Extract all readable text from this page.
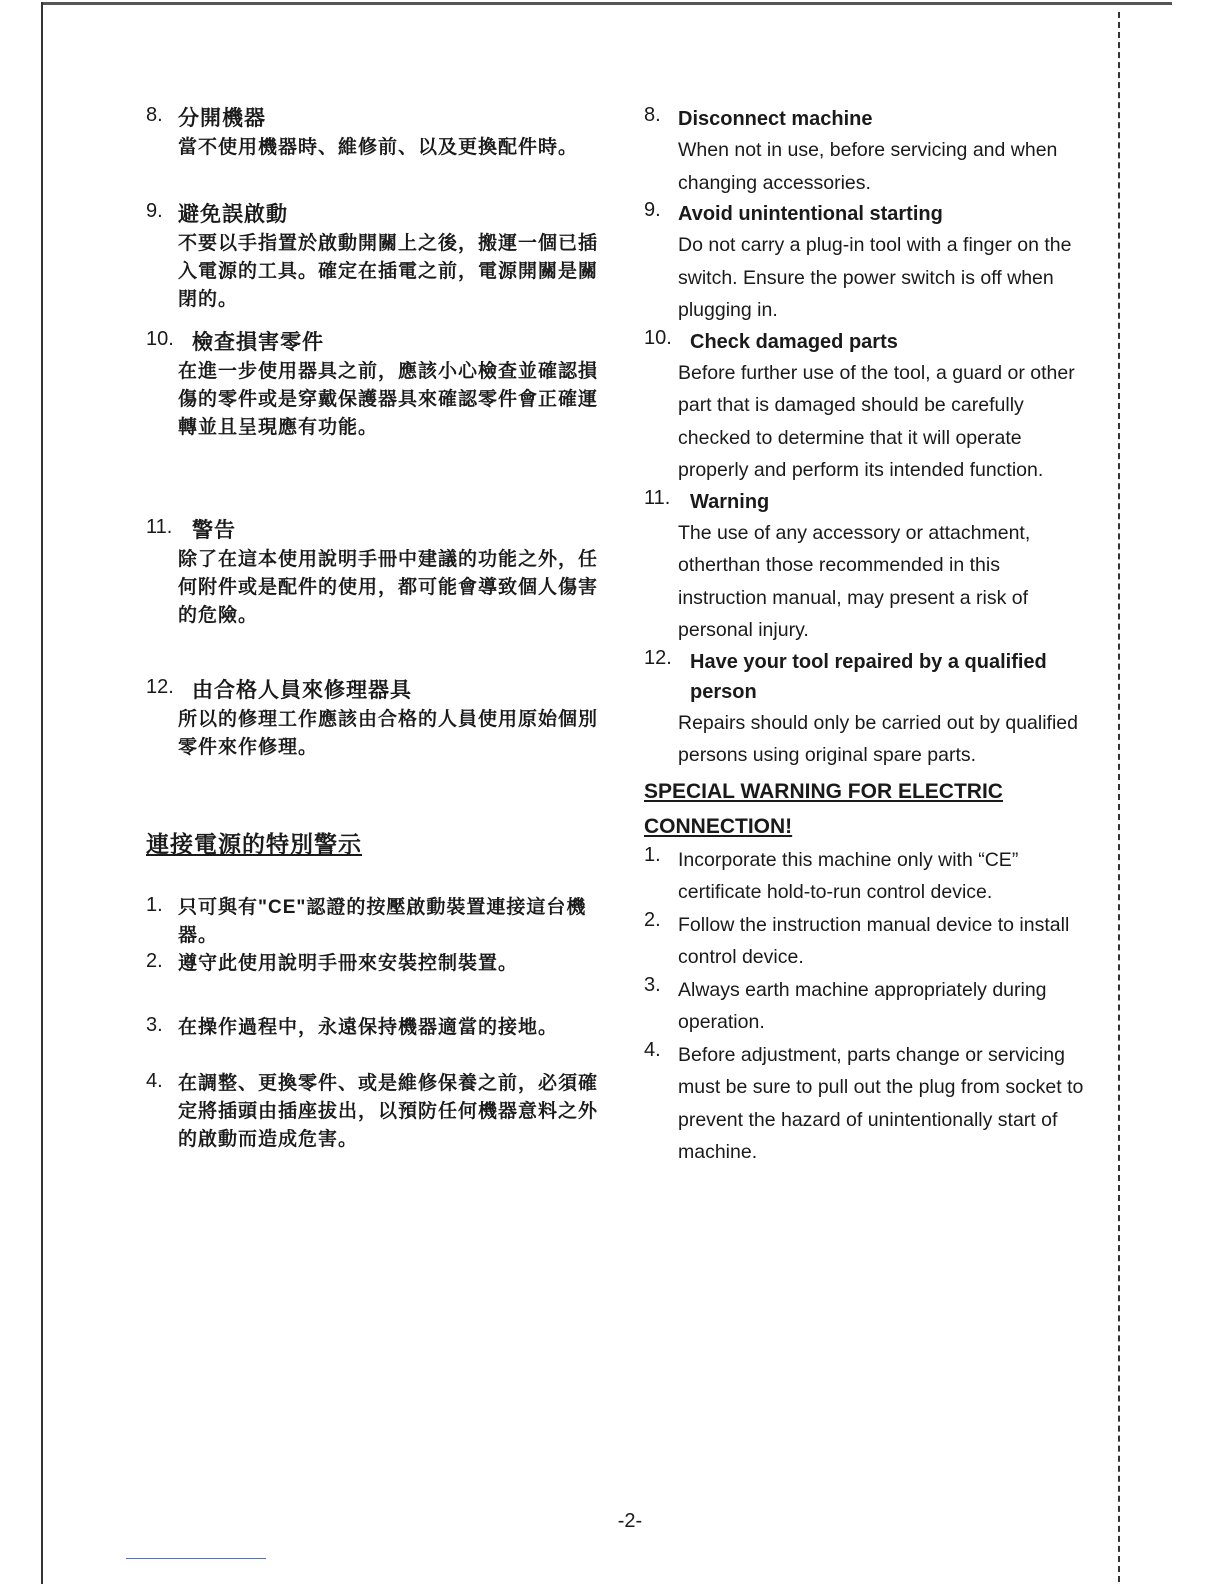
8. 分開機器
當不使用機器時、維修前、以及更換配件時。
9. 避免誤啟動
不要以手指置於啟動開關上之後，搬運一個已插入電源的工具。確定在插電之前，電源開關是關閉的。
10. 檢查損害零件
在進一步使用器具之前，應該小心檢查並確認損傷的零件或是穿戴保護器具來確認零件會正確運轉並且呈現應有功能。
11. 警告
除了在這本使用說明手冊中建議的功能之外，任何附件或是配件的使用，都可能會導致個人傷害的危險。
12. 由合格人員來修理器具
所以的修理工作應該由合格的人員使用原始個別零件來作修理。
連接電源的特別警示
1. 只可與有"CE"認證的按壓啟動裝置連接這台機器。
2. 遵守此使用說明手冊來安裝控制裝置。
3. 在操作過程中，永遠保持機器適當的接地。
4. 在調整、更換零件、或是維修保養之前，必須確定將插頭由插座拔出，以預防任何機器意料之外的啟動而造成危害。
8. Disconnect machine
When not in use, before servicing and when changing accessories.
9. Avoid unintentional starting
Do not carry a plug-in tool with a finger on the switch. Ensure the power switch is off when plugging in.
10. Check damaged parts
Before further use of the tool, a guard or other part that is damaged should be carefully checked to determine that it will operate properly and perform its intended function.
11. Warning
The use of any accessory or attachment, otherthan those recommended in this instruction manual, may present a risk of personal injury.
12. Have your tool repaired by a qualified person
Repairs should only be carried out by qualified persons using original spare parts.
SPECIAL WARNING FOR ELECTRIC CONNECTION!
1. Incorporate this machine only with “CE” certificate hold-to-run control device.
2. Follow the instruction manual device to install control device.
3. Always earth machine appropriately during operation.
4. Before adjustment, parts change or servicing must be sure to pull out the plug from socket to prevent the hazard of unintentionally start of machine.
-2-
